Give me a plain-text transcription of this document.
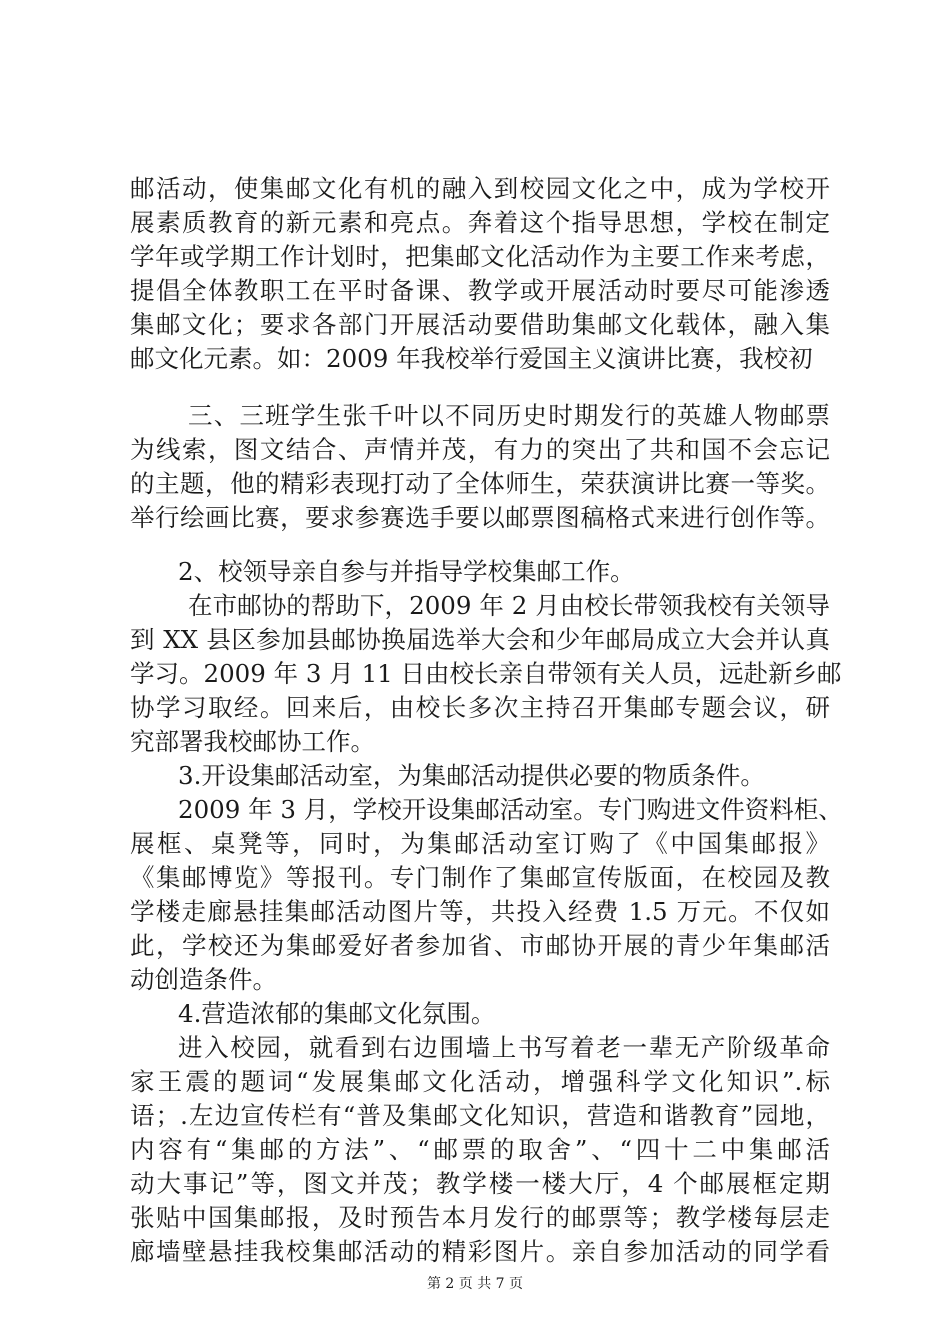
邮活动，使集邮文化有机的融入到校园文化之中，成为学校开
展素质教育的新元素和亮点。奔着这个指导思想，学校在制定
学年或学期工作计划时，把集邮文化活动作为主要工作来考虑，
提倡全体教职工在平时备课、教学或开展活动时要尽可能渗透
集邮文化；要求各部门开展活动要借助集邮文化载体，融入集
邮文化元素。如：2009 年我校举行爱国主义演讲比赛，我校初
三、三班学生张千叶以不同历史时期发行的英雄人物邮票
为线索，图文结合、声情并茂，有力的突出了共和国不会忘记
的主题，他的精彩表现打动了全体师生，荣获演讲比赛一等奖。
举行绘画比赛，要求参赛选手要以邮票图稿格式来进行创作等。
2、校领导亲自参与并指导学校集邮工作。
在市邮协的帮助下，2009 年 2 月由校长带领我校有关领导
到 XX 县区参加县邮协换届选举大会和少年邮局成立大会并认真
学习。2009 年 3 月 11 日由校长亲自带领有关人员，远赴新乡邮
协学习取经。回来后，由校长多次主持召开集邮专题会议，研
究部署我校邮协工作。
3.开设集邮活动室，为集邮活动提供必要的物质条件。
2009 年 3 月，学校开设集邮活动室。专门购进文件资料柜、
展框、桌凳等，同时，为集邮活动室订购了《中国集邮报》
《集邮博览》等报刊。专门制作了集邮宣传版面，在校园及教
学楼走廊悬挂集邮活动图片等，共投入经费 1.5 万元。不仅如
此，学校还为集邮爱好者参加省、市邮协开展的青少年集邮活
动创造条件。
4.营造浓郁的集邮文化氛围。
进入校园，就看到右边围墙上书写着老一辈无产阶级革命
家王震的题词“发展集邮文化活动，增强科学文化知识”.标
语；.左边宣传栏有“普及集邮文化知识，营造和谐教育”园地，
内容有“集邮的方法”、“邮票的取舍”、“四十二中集邮活
动大事记”等，图文并茂；教学楼一楼大厅，4 个邮展框定期
张贴中国集邮报，及时预告本月发行的邮票等；教学楼每层走
廊墙壁悬挂我校集邮活动的精彩图片。亲自参加活动的同学看
第 2 页 共 7 页
